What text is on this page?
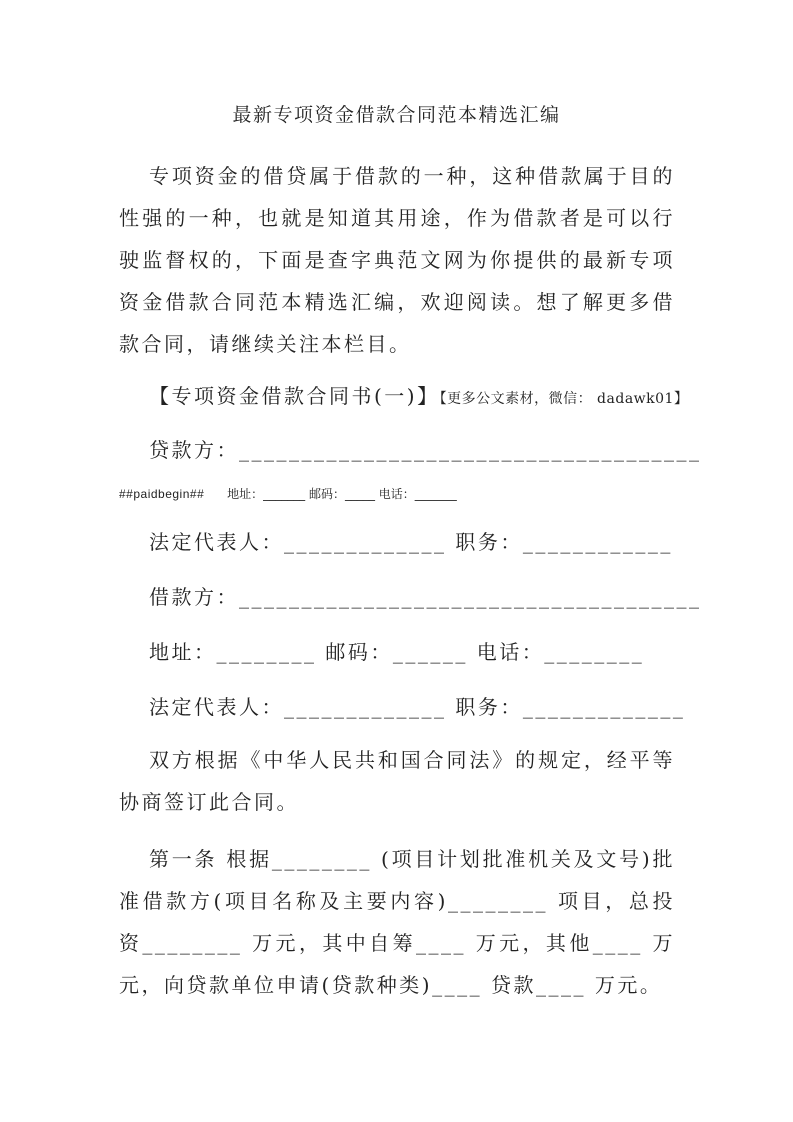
最新专项资金借款合同范本精选汇编

专项资金的借贷属于借款的一种，这种借款属于目的性强的一种，也就是知道其用途，作为借款者是可以行驶监督权的，下面是查字典范文网为你提供的最新专项资金借款合同范本精选汇编，欢迎阅读。想了解更多借款合同，请继续关注本栏目。

【专项资金借款合同书(一)】【更多公文素材，微信： dadawk01】
贷款方：_____________________________________
##paidbegin## 地址：_______ 邮码：_____ 电话：_______
法定代表人：_____________ 职务：____________
借款方：_____________________________________
地址：________ 邮码：______ 电话：________
法定代表人：_____________ 职务：_____________

双方根据《中华人民共和国合同法》的规定，经平等协商签订此合同。

第一条 根据________ (项目计划批准机关及文号)批准借款方(项目名称及主要内容)________ 项目，总投资________ 万元，其中自筹____ 万元，其他____ 万元，向贷款单位申请(贷款种类)____ 贷款____ 万元。
